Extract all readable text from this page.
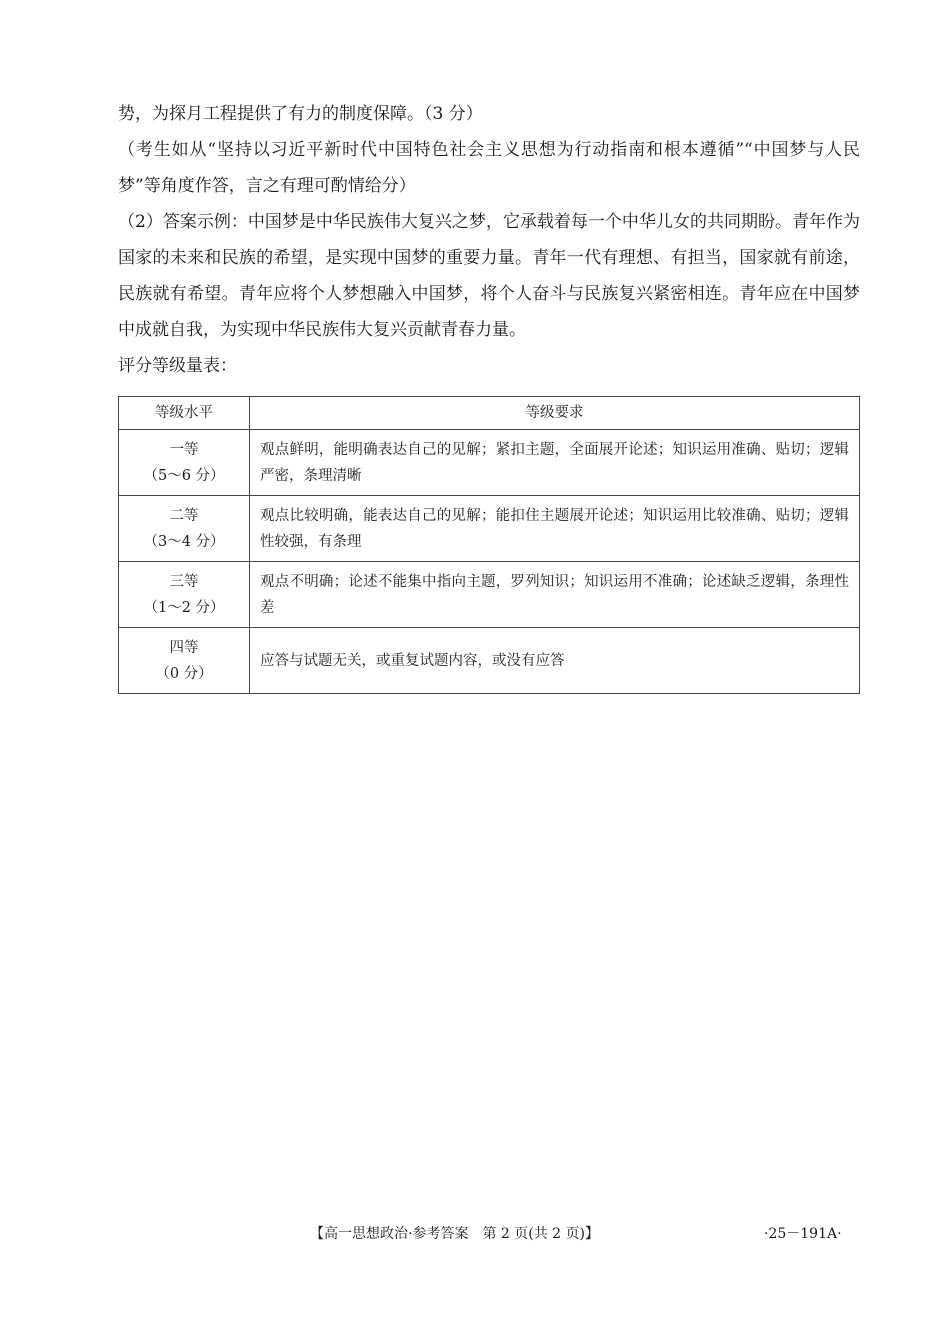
势，为探月工程提供了有力的制度保障。（3 分）

（考生如从“坚持以习近平新时代中国特色社会主义思想为行动指南和根本遵循”“中国梦与人民梦”等角度作答，言之有理可酌情给分）

（2）答案示例：中国梦是中华民族伟大复兴之梦，它承载着每一个中华儿女的共同期盼。青年作为国家的未来和民族的希望，是实现中国梦的重要力量。青年一代有理想、有担当，国家就有前途，民族就有希望。青年应将个人梦想融入中国梦，将个人奋斗与民族复兴紧密相连。青年应在中国梦中成就自我，为实现中华民族伟大复兴贡献青春力量。

评分等级量表：

等级水平	等级要求

一等
（5～6 分）	观点鲜明，能明确表达自己的见解；紧扣主题，全面展开论述；知识运用准确、贴切；逻辑严密，条理清晰

二等
（3～4 分）	观点比较明确，能表达自己的见解；能扣住主题展开论述；知识运用比较准确、贴切；逻辑性较强，有条理

三等
（1～2 分）	观点不明确；论述不能集中指向主题，罗列知识；知识运用不准确；论述缺乏逻辑，条理性差

四等
（0 分）	应答与试题无关，或重复试题内容，或没有应答
【高一思想政治·参考答案　第 2 页(共 2 页)】	·25－191A·
